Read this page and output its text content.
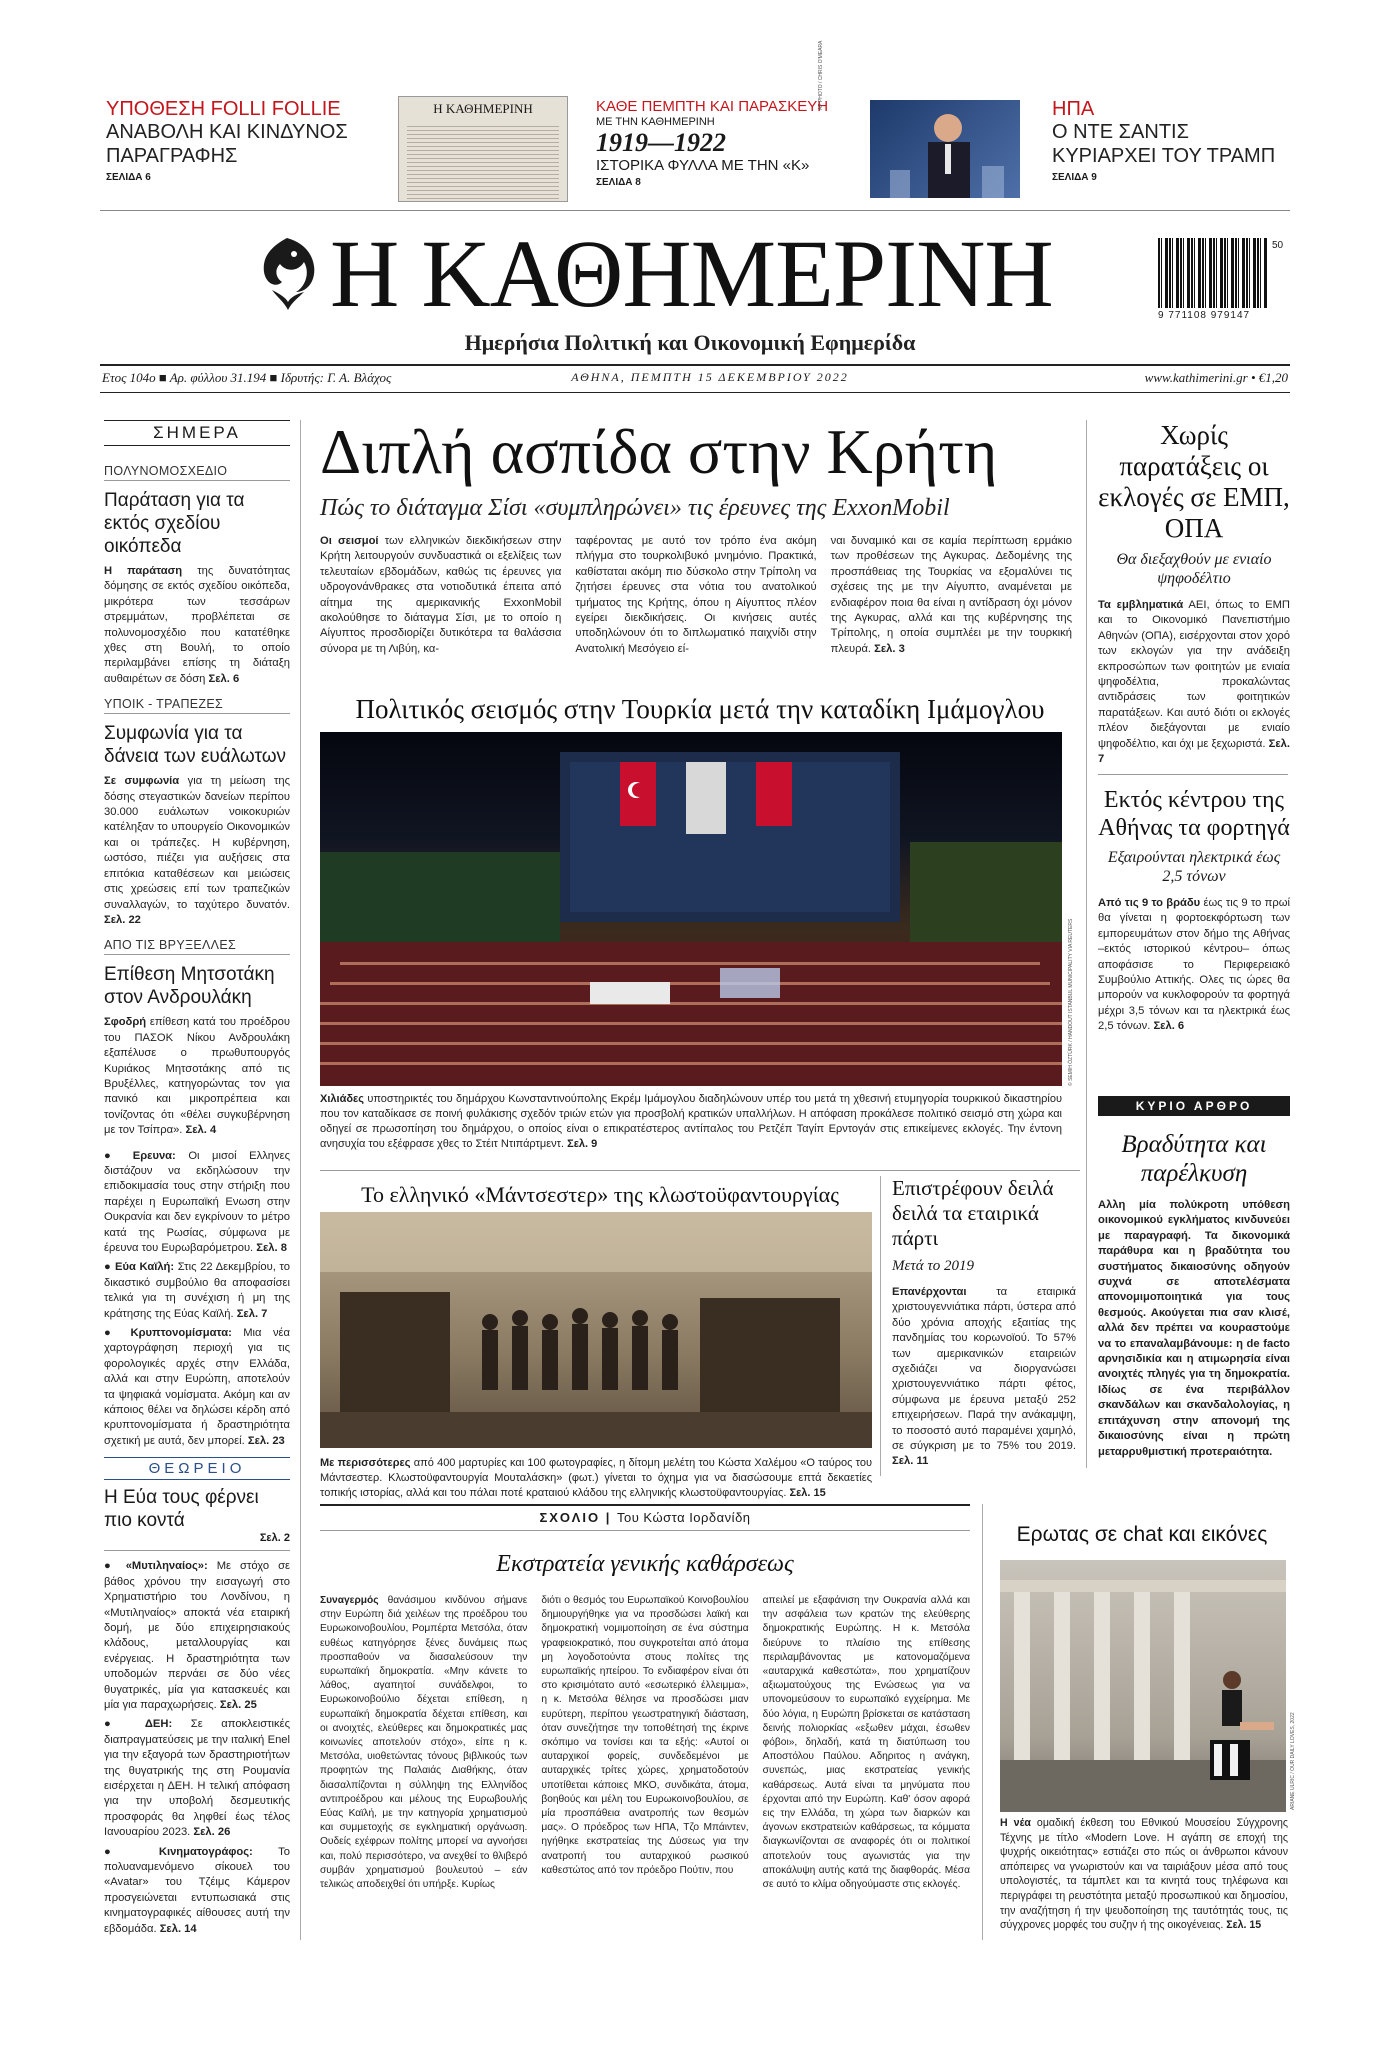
ΥΠΟΘΕΣΗ FOLLI FOLLIE
ΑΝΑΒΟΛΗ ΚΑΙ ΚΙΝΔΥΝΟΣ ΠΑΡΑΓΡΑΦΗΣ
ΣΕΛΙΔΑ 6
Η ΚΑΘΗΜΕΡΙΝΗ	ΚΑΘΕ ΠΕΜΠΤΗ ΚΑΙ ΠΑΡΑΣΚΕΥΗ
ΜΕ ΤΗΝ ΚΑΘΗΜΕΡΙΝΗ
1919—1922
ΙΣΤΟΡΙΚΑ ΦΥΛΛΑ ΜΕ ΤΗΝ «Κ»
ΣΕΛΙΔΑ 8
ΑΡ PHOTO / CHRIS O'MEARA	ΗΠΑ
Ο ΝΤΕ ΣΑΝΤΙΣ ΚΥΡΙΑΡΧΕΙ ΤΟΥ ΤΡΑΜΠ
ΣΕΛΙΔΑ 9
Η ΚΑΘΗΜΕΡΙΝΗ
Ημερήσια Πολιτική και Οικονομική Εφημερίδα
50
9 771108 979147
Ετος 104ο ■ Αρ. φύλλου 31.194 ■ Ιδρυτής: Γ. Α. Βλάχος	ΑΘΗΝΑ, ΠΕΜΠΤΗ 15 ΔΕΚΕΜΒΡΙΟΥ 2022	www.kathimerini.gr • €1,20
ΣΗΜΕΡΑ
ΠΟΛΥΝΟΜΟΣΧΕΔΙΟ
Παράταση για τα εκτός σχεδίου οικόπεδα

Η παράταση της δυνατότητας δόμησης σε εκτός σχεδίου οικόπεδα, μικρότερα των τεσσάρων στρεμμάτων, προβλέπεται σε πολυνομοσχέδιο που κατατέθηκε χθες στη Βουλή, το οποίο περιλαμβάνει επίσης τη διάταξη αυθαιρέτων σε δόση Σελ. 6

ΥΠΟΙΚ - ΤΡΑΠΕΖΕΣ
Συμφωνία για τα δάνεια των ευάλωτων

Σε συμφωνία για τη μείωση της δόσης στεγαστικών δανείων περίπου 30.000 ευάλωτων νοικοκυριών κατέληξαν το υπουργείο Οικονομικών και οι τράπεζες. Η κυβέρνηση, ωστόσο, πιέζει για αυξήσεις στα επιτόκια καταθέσεων και μειώσεις στις χρεώσεις επί των τραπεζικών συναλλαγών, το ταχύτερο δυνατόν. Σελ. 22

ΑΠΟ ΤΙΣ ΒΡΥΞΕΛΛΕΣ
Επίθεση Μητσοτάκη στον Ανδρουλάκη

Σφοδρή επίθεση κατά του προέδρου του ΠΑΣΟΚ Νίκου Ανδρουλάκη εξαπέλυσε ο πρωθυπουργός Κυριάκος Μητσοτάκης από τις Βρυξέλλες, κατηγορώντας τον για πανικό και μικροπρέπεια και τονίζοντας ότι «θέλει συγκυβέρνηση με τον Τσίπρα». Σελ. 4

● Ερευνα: Οι μισοί Ελληνες διστάζουν να εκδηλώσουν την επιδοκιμασία τους στην στήριξη που παρέχει η Ευρωπαϊκή Ενωση στην Ουκρανία και δεν εγκρίνουν το μέτρο κατά της Ρωσίας, σύμφωνα με έρευνα του Ευρωβαρόμετρου. Σελ. 8

● Εύα Καϊλή: Στις 22 Δεκεμβρίου, το δικαστικό συμβούλιο θα αποφασίσει τελικά για τη συνέχιση ή μη της κράτησης της Εύας Καϊλή. Σελ. 7

● Κρυπτονομίσματα: Μια νέα χαρτογράφηση περιοχή για τις φορολογικές αρχές στην Ελλάδα, αλλά και στην Ευρώπη, αποτελούν τα ψηφιακά νομίσματα. Ακόμη και αν κάποιος θέλει να δηλώσει κέρδη από κρυπτονομίσματα ή δραστηριότητα σχετική με αυτά, δεν μπορεί. Σελ. 23

ΘΕΩΡΕΙΟ
Η Εύα τους φέρνει πιο κοντά
Σελ. 2

● «Μυτιληναίος»: Με στόχο σε βάθος χρόνου την εισαγωγή στο Χρηματιστήριο του Λονδίνου, η «Μυτιληναίος» αποκτά νέα εταιρική δομή, με δύο επιχειρησιακούς κλάδους, μεταλλουργίας και ενέργειας. Η δραστηριότητα των υποδομών περνάει σε δύο νέες θυγατρικές, μία για κατασκευές και μία για παραχωρήσεις. Σελ. 25

● ΔΕΗ: Σε αποκλειστικές διαπραγματεύσεις με την ιταλική Enel για την εξαγορά των δραστηριοτήτων της θυγατρικής της στη Ρουμανία εισέρχεται η ΔΕΗ. Η τελική απόφαση για την υποβολή δεσμευτικής προσφοράς θα ληφθεί έως τέλος Ιανουαρίου 2023. Σελ. 26

● Κινηματογράφος: Το πολυαναμενόμενο σίκουελ του «Avatar» του Τζέιμς Κάμερον προσγειώνεται εντυπωσιακά στις κινηματογραφικές αίθουσες αυτή την εβδομάδα. Σελ. 14

Διπλή ασπίδα στην Κρήτη
Πώς το διάταγμα Σίσι «συμπληρώνει» τις έρευνες της ExxonMobil

Οι σεισμοί των ελληνικών διεκδικήσεων στην Κρήτη λειτουργούν συνδυαστικά οι εξελίξεις των τελευταίων εβδομάδων, καθώς τις έρευνες για υδρογονάνθρακες στα νοτιοδυτικά έπειτα από αίτημα της αμερικανικής ExxonMobil ακολούθησε το διάταγμα Σίσι, με το οποίο η Αίγυπτος προσδιορίζει δυτικότερα τα θαλάσσια σύνορα με τη Λιβύη, κα-

ταφέροντας με αυτό τον τρόπο ένα ακόμη πλήγμα στο τουρκολιβυκό μνημόνιο. Πρακτικά, καθίσταται ακόμη πιο δύσκολο στην Τρίπολη να ζητήσει έρευνες στα νότια του ανατολικού τμήματος της Κρήτης, όπου η Αίγυπτος πλέον εγείρει διεκδικήσεις. Οι κινήσεις αυτές υποδηλώνουν ότι το διπλωματικό παιχνίδι στην Ανατολική Μεσόγειο εί-

ναι δυναμικό και σε καμία περίπτωση ερμάκιο των προθέσεων της Αγκυρας. Δεδομένης της προσπάθειας της Τουρκίας να εξομαλύνει τις σχέσεις της με την Αίγυπτο, αναμένεται με ενδιαφέρον ποια θα είναι η αντίδραση όχι μόνον της Αγκυρας, αλλά και της κυβέρνησης της Τρίπολης, η οποία συμπλέει με την τουρκική πλευρά. Σελ. 3

Χωρίς παρατάξεις οι εκλογές σε ΕΜΠ, ΟΠΑ
Θα διεξαχθούν με ενιαίο ψηφοδέλτιο

Τα εμβληματικά ΑΕΙ, όπως το ΕΜΠ και το Οικονομικό Πανεπιστήμιο Αθηνών (ΟΠΑ), εισέρχονται στον χορό των εκλογών για την ανάδειξη εκπροσώπων των φοιτητών με ενιαία ψηφοδέλτια, προκαλώντας αντιδράσεις των φοιτητικών παρατάξεων. Και αυτό διότι οι εκλογές πλέον διεξάγονται με ενιαίο ψηφοδέλτιο, και όχι με ξεχωριστά. Σελ. 7

Εκτός κέντρου της Αθήνας τα φορτηγά
Εξαιρούνται ηλεκτρικά έως 2,5 τόνων

Από τις 9 το βράδυ έως τις 9 το πρωί θα γίνεται η φορτοεκφόρτωση των εμπορευμάτων στον δήμο της Αθήνας –εκτός ιστορικού κέντρου– όπως αποφάσισε το Περιφερειακό Συμβούλιο Αττικής. Ολες τις ώρες θα μπορούν να κυκλοφορούν τα φορτηγά μέχρι 3,5 τόνων και τα ηλεκτρικά έως 2,5 τόνων. Σελ. 6

ΚΥΡΙΟ ΑΡΘΡΟ
Βραδύτητα και παρέλκυση

Αλλη μία πολύκροτη υπόθεση οικονομικού εγκλήματος κινδυνεύει με παραγραφή. Τα δικονομικά παράθυρα και η βραδύτητα του συστήματος δικαιοσύνης οδηγούν συχνά σε αποτελέσματα απονομιμοποιητικά για τους θεσμούς. Ακούγεται πια σαν κλισέ, αλλά δεν πρέπει να κουραστούμε να το επαναλαμβάνουμε: η de facto αρνησιδικία και η ατιμωρησία είναι ανοιχτές πληγές για τη δημοκρατία. Ιδίως σε ένα περιβάλλον σκανδάλων και σκανδαλολογίας, η επιτάχυνση στην απονομή της δικαιοσύνης είναι η πρώτη μεταρρυθμιστική προτεραιότητα.

Πολιτικός σεισμός στην Τουρκία μετά την καταδίκη Ιμάμογλου
© SEMIH ÖZTÜRK / HANDOUT ISTANBUL MUNICIPALITY VIA REUTERS

Χιλιάδες υποστηρικτές του δημάρχου Κωνσταντινούπολης Εκρέμ Ιμάμογλου διαδηλώνουν υπέρ του μετά τη χθεσινή ετυμηγορία τουρκικού δικαστηρίου που τον καταδίκασε σε ποινή φυλάκισης σχεδόν τριών ετών για προσβολή κρατικών υπαλλήλων. Η απόφαση προκάλεσε πολιτικό σεισμό στη χώρα και οδηγεί σε πρωσοπίηση του δημάρχου, ο οποίος είναι ο επικρατέστερος αντίπαλος του Ρετζέπ Ταγίπ Ερντογάν στις επικείμενες εκλογές. Την έντονη ανησυχία του εξέφρασε χθες το Στέιτ Ντιπάρτμεντ. Σελ. 9

Το ελληνικό «Μάντσεστερ» της κλωστοϋφαντουργίας

Με περισσότερες από 400 μαρτυρίες και 100 φωτογραφίες, η δίτομη μελέτη του Κώστα Χαλέμου «Ο ταύρος του Μάντσεστερ. Κλωστοϋφαντουργία Μουταλάσκη» (φωτ.) γίνεται το όχημα για να διασώσουμε επτά δεκαετίες τοπικής ιστορίας, αλλά και του πάλαι ποτέ κραταιού κλάδου της ελληνικής κλωστοϋφαντουργίας. Σελ. 15

Επιστρέφουν δειλά δειλά τα εταιρικά πάρτι
Μετά το 2019

Επανέρχονται	τα εταιρικά χριστουγεννιάτικα πάρτι, ύστερα από δύο χρόνια αποχής εξαιτίας της πανδημίας του κορωνοϊού. Το 57% των αμερικανικών εταιρειών σχεδιάζει να διοργανώσει χριστουγεννιάτικο πάρτι φέτος, σύμφωνα με έρευνα μεταξύ 252 επιχειρήσεων. Παρά την ανάκαμψη, το ποσοστό αυτό παραμένει χαμηλό, σε σύγκριση με το 75% του 2019. Σελ. 11

ΣΧΟΛΙΟ | Του Κώστα Ιορδανίδη
Εκστρατεία γενικής καθάρσεως

Συναγερμός θανάσιμου κινδύνου σήμανε στην Ευρώπη διά χειλέων της προέδρου του Ευρωκοινοβουλίου, Ρομπέρτα Μετσόλα, όταν ευθέως κατηγόρησε ξένες δυνάμεις πως προσπαθούν να διασαλεύσουν την ευρωπαϊκή δημοκρατία. «Μην κάνετε το λάθος, αγαπητοί συνάδελφοι, το Ευρωκοινοβούλιο δέχεται επίθεση, η ευρωπαϊκή δημοκρατία δέχεται επίθεση, και οι ανοιχτές, ελεύθερες και δημοκρατικές μας κοινωνίες αποτελούν στόχο», είπε η κ. Μετσόλα, υιοθετώντας τόνους βιβλικούς των προφητών της Παλαιάς Διαθήκης, όταν διασαλπίζονται η σύλληψη της Ελληνίδος αντιπροέδρου και μέλους της Ευρωβουλής Εύας Καϊλή, με την κατηγορία χρηματισμού και συμμετοχής σε εγκληματική οργάνωση. Ουδείς εχέφρων πολίτης μπορεί να αγνοήσει και, πολύ περισσότερο, να ανεχθεί το θλιβερό συμβάν χρηματισμού βουλευτού – εάν τελικώς αποδειχθεί ότι υπήρξε. Κυρίως

διότι ο θεσμός του Ευρωπαϊκού Κοινοβουλίου δημιουργήθηκε για να προσδώσει λαϊκή και δημοκρατική νομιμοποίηση σε ένα σύστημα γραφειοκρατικό, που συγκροτείται από άτομα μη λογοδοτούντα στους πολίτες της ευρωπαϊκής ηπείρου. Το ενδιαφέρον είναι ότι στο κρισιμότατο αυτό «εσωτερικό έλλειμμα», η κ. Μετσόλα θέλησε να προσδώσει μιαν ευρύτερη, περίπου γεωστρατηγική διάσταση, όταν συνεζήτησε την τοποθέτησή της έκρινε σκόπιμο να τονίσει και τα εξής: «Αυτοί οι αυταρχικοί φορείς, συνδεδεμένοι με αυταρχικές τρίτες χώρες, χρηματοδοτούν υποτίθεται κάποιες ΜΚΟ, συνδικάτα, άτομα, βοηθούς και μέλη του Ευρωκοινοβουλίου, σε μία προσπάθεια ανατροπής των θεσμών μας». Ο πρόεδρος των ΗΠΑ, Τζο Μπάιντεν, ηγήθηκε εκστρατείας της Δύσεως για την ανατροπή του αυταρχικού ρωσικού καθεστώτος από τον πρόεδρο Πούτιν, που

απειλεί με εξαφάνιση την Ουκρανία αλλά και την ασφάλεια των κρατών της ελεύθερης δημοκρατικής Ευρώπης. Η κ. Μετσόλα διεύρυνε το πλαίσιο της επίθεσης περιλαμβάνοντας με κατονομαζόμενα «αυταρχικά καθεστώτα», που χρηματίζουν αξιωματούχους της Ενώσεως για να υπονομεύσουν το ευρωπαϊκό εγχείρημα. Με δύο λόγια, η Ευρώπη βρίσκεται σε κατάσταση δεινής πολιορκίας «εξωθεν μάχαι, έσωθεν φόβοι», δηλαδή, κατά τη διατύπωση του Αποστόλου Παύλου. Αδηριτος η ανάγκη, συνεπώς, μιας εκστρατείας γενικής καθάρσεως. Αυτά είναι τα μηνύματα που έρχονται από την Ευρώπη. Καθ' όσον αφορά εις την Ελλάδα, τη χώρα των διαρκών και άγονων εκστρατειών καθάρσεως, τα κόμματα διαγκωνίζονται σε αναφορές ότι οι πολιτικοί αποτελούν τους αγωνιστάς για την αποκάλυψη αυτής κατά της διαφθοράς. Μέσα σε αυτό το κλίμα οδηγούμαστε στις εκλογές.

Ερωτας σε chat και εικόνες
ARIANE ULRIC / OUR DAILY LOVES, 2022

Η νέα ομαδική έκθεση του Εθνικού Μουσείου Σύγχρονης Τέχνης με τίτλο «Modern Love. Η αγάπη σε εποχή της ψυχρής οικειότητας» εστιάζει στο πώς οι άνθρωποι κάνουν απόπειρες να γνωριστούν και να ταιριάξουν μέσα από τους υπολογιστές, τα τάμπλετ και τα κινητά τους τηλέφωνα και περιγράφει τη ρευστότητα μεταξύ προσωπικού και δημοσίου, την αναζήτηση ή την ψευδοποίηση της ταυτότητάς τους, τις σύγχρονες μορφές του συζην ή της οικογένειας. Σελ. 15
